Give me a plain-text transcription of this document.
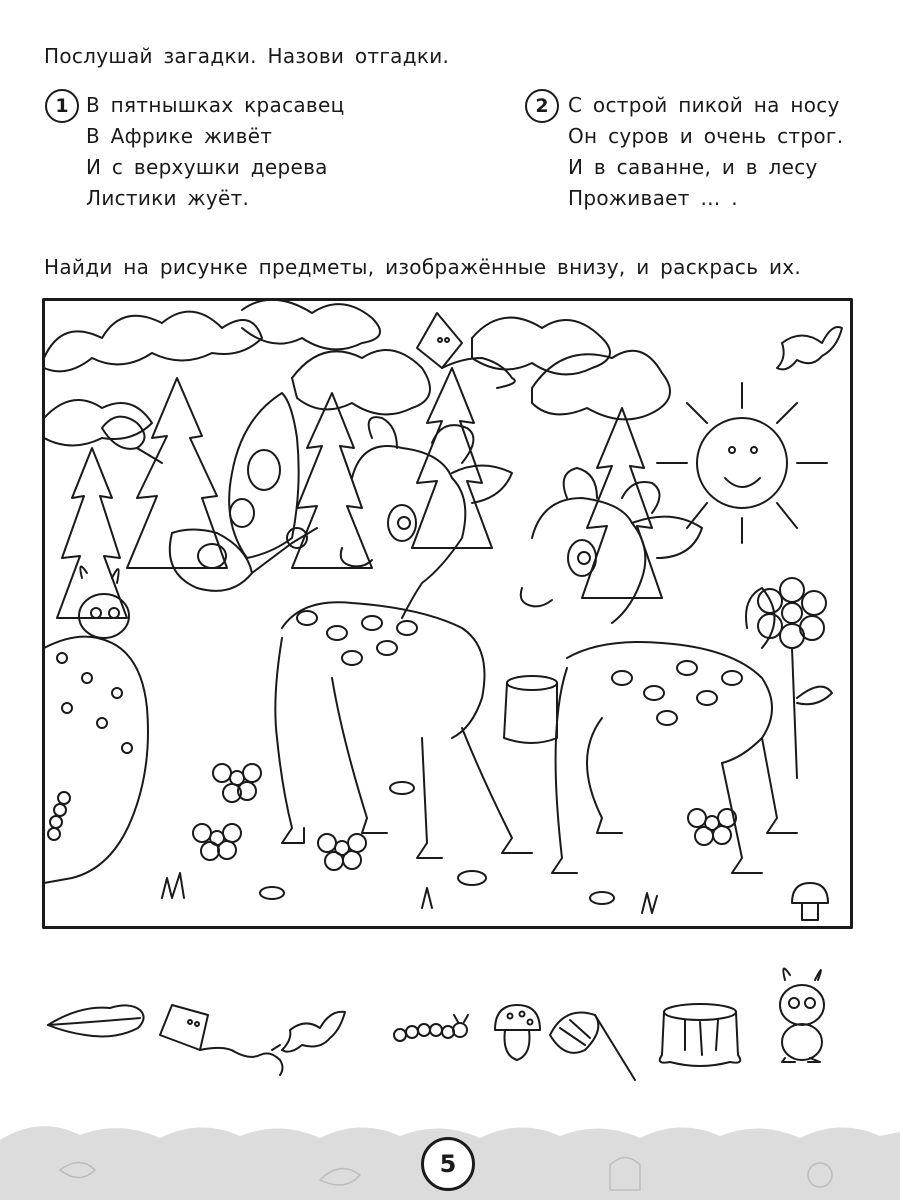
Послушай загадки. Назови отгадки.
1 В пятнышках красавец
В Африке живёт
И с верхушки дерева
Листики жуёт.
2 С острой пикой на носу
Он суров и очень строг.
И в саванне, и в лесу
Проживает … .
Найди на рисунке предметы, изображённые внизу, и раскрась их.
5
